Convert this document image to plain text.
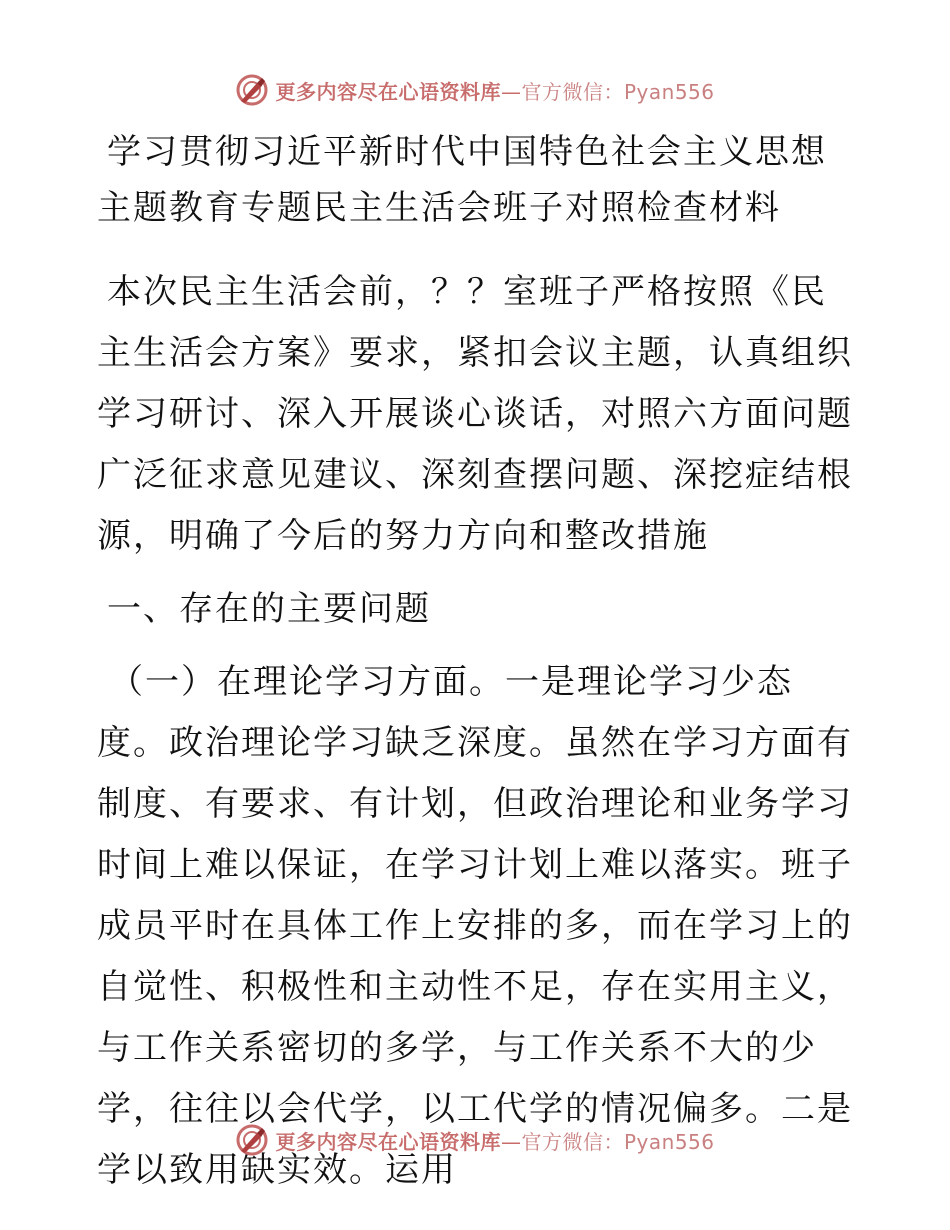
更多内容尽在心语资料库—官方微信：Pyan556
学习贯彻习近平新时代中国特色社会主义思想主题教育专题民主生活会班子对照检查材料

本次民主生活会前，？？室班子严格按照《民主生活会方案》要求，紧扣会议主题，认真组织学习研讨、深入开展谈心谈话，对照六方面问题广泛征求意见建议、深刻查摆问题、深挖症结根源，明确了今后的努力方向和整改措施

一、存在的主要问题

（一）在理论学习方面。一是理论学习少态度。政治理论学习缺乏深度。虽然在学习方面有制度、有要求、有计划，但政治理论和业务学习时间上难以保证，在学习计划上难以落实。班子成员平时在具体工作上安排的多，而在学习上的自觉性、积极性和主动性不足，存在实用主义，与工作关系密切的多学，与工作关系不大的少学，往往以会代学，以工代学的情况偏多。二是学以致用缺实效。运用

更多内容尽在心语资料库—官方微信：Pyan556
